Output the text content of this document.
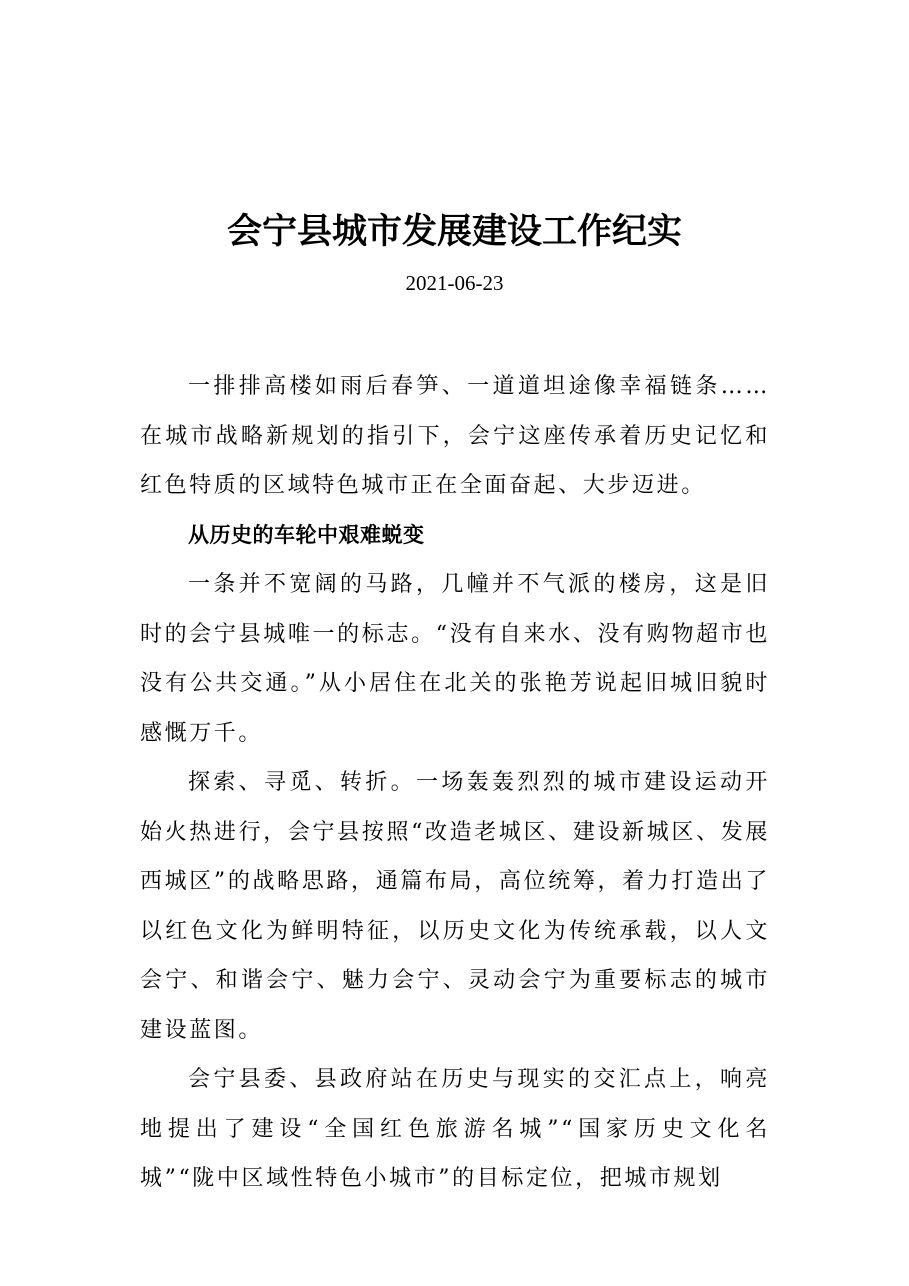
会宁县城市发展建设工作纪实
2021-06-23

一排排高楼如雨后春笋、一道道坦途像幸福链条……在城市战略新规划的指引下，会宁这座传承着历史记忆和红色特质的区域特色城市正在全面奋起、大步迈进。

从历史的车轮中艰难蜕变

一条并不宽阔的马路，几幢并不气派的楼房，这是旧时的会宁县城唯一的标志。“没有自来水、没有购物超市也没有公共交通。”从小居住在北关的张艳芳说起旧城旧貌时感慨万千。

探索、寻觅、转折。一场轰轰烈烈的城市建设运动开始火热进行，会宁县按照“改造老城区、建设新城区、发展西城区”的战略思路，通篇布局，高位统筹，着力打造出了以红色文化为鲜明特征，以历史文化为传统承载，以人文会宁、和谐会宁、魅力会宁、灵动会宁为重要标志的城市建设蓝图。

会宁县委、县政府站在历史与现实的交汇点上，响亮地提出了建设“全国红色旅游名城”“国家历史文化名城”“陇中区域性特色小城市”的目标定位，把城市规划
